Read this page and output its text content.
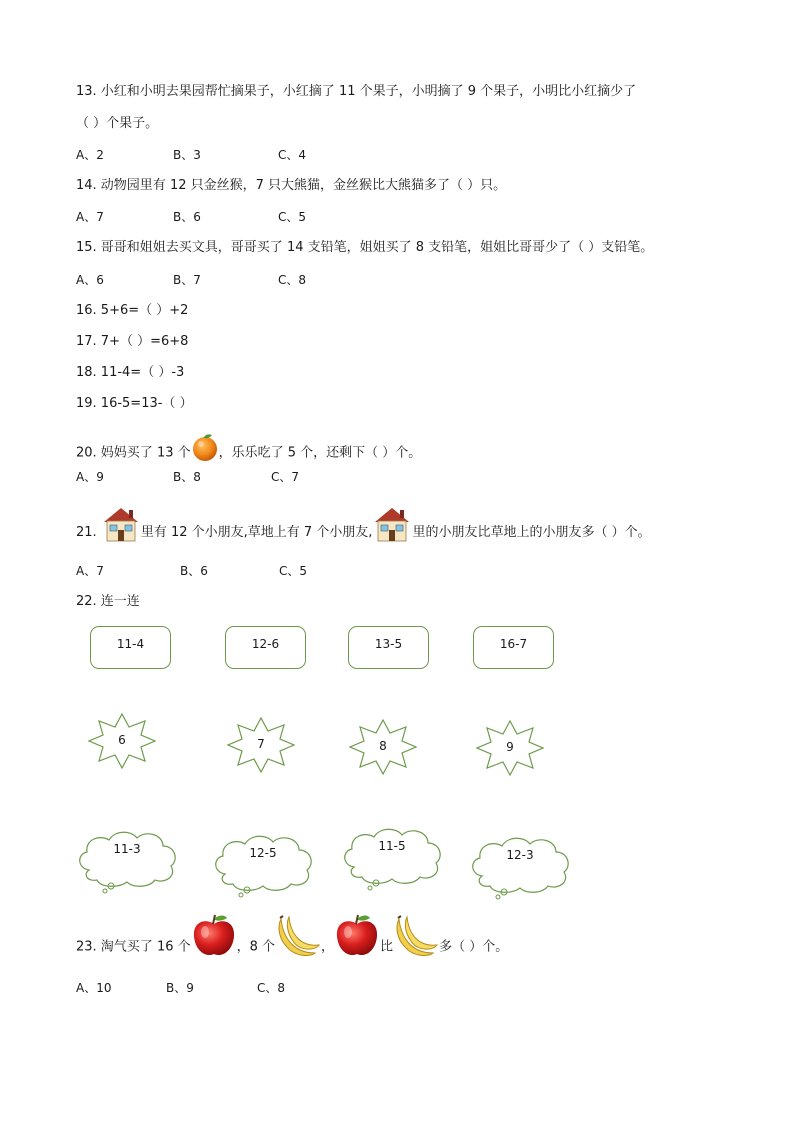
13. 小红和小明去果园帮忙摘果子，小红摘了 11 个果子，小明摘了 9 个果子，小明比小红摘少了
（ ）个果子。
A、2	B、3	C、4
14. 动物园里有 12 只金丝猴，7 只大熊猫，金丝猴比大熊猫多了（ ）只。
A、7	B、6	C、5
15. 哥哥和姐姐去买文具，哥哥买了 14 支铅笔，姐姐买了 8 支铅笔，姐姐比哥哥少了（ ）支铅笔。
A、6	B、7	C、8
16. 5+6=（ ）+2
17. 7+（ ）=6+8
18. 11-4=（ ）-3
19. 16-5=13-（ ）
20. 妈妈买了 13 个 ，乐乐吃了 5 个，还剩下（ ）个。
A、9	B、8	C、7
21.	里有 12 个小朋友,草地上有 7 个小朋友,	里的小朋友比草地上的小朋友多（ ）个。
A、7	B、6	C、5
22. 连一连
11-4	12-6	13-5	16-7
6	7	8	9
11-3	12-5	11-5
12-3
23. 淘气买了 16 个	，8 个	，	比	多（ ）个。
A、10	B、9	C、8
